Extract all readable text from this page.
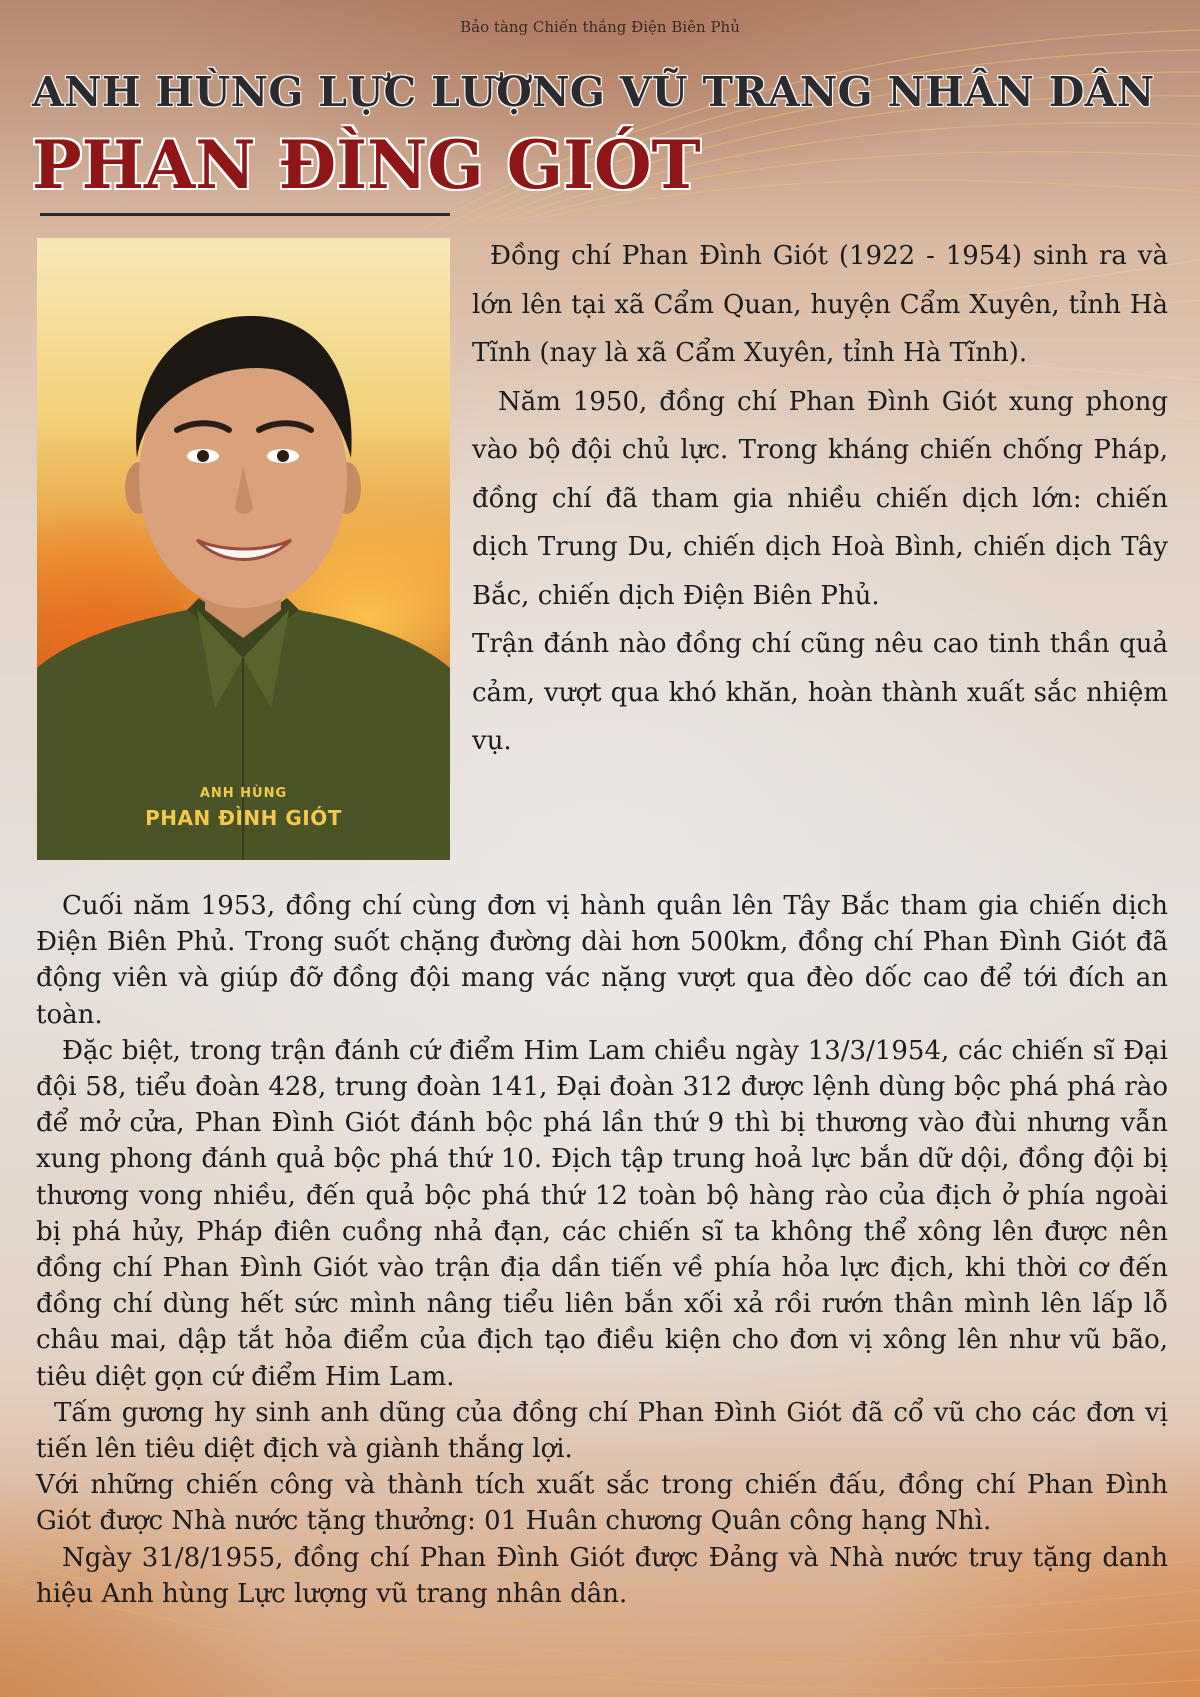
Bảo tàng Chiến thắng Điện Biên Phủ
ANH HÙNG LỰC LƯỢNG VŨ TRANG NHÂN DÂN
PHAN ĐÌNG GIÓT
ANH HÙNG
PHAN ĐÌNH GIÓT

Đồng chí Phan Đình Giót (1922 - 1954) sinh ra và lớn lên tại xã Cẩm Quan, huyện Cẩm Xuyên, tỉnh Hà Tĩnh (nay là xã Cẩm Xuyên, tỉnh Hà Tĩnh).

Năm 1950, đồng chí Phan Đình Giót xung phong vào bộ đội chủ lực. Trong kháng chiến chống Pháp, đồng chí đã tham gia nhiều chiến dịch lớn: chiến dịch Trung Du, chiến dịch Hoà Bình, chiến dịch Tây Bắc, chiến dịch Điện Biên Phủ.

Trận đánh nào đồng chí cũng nêu cao tinh thần quả cảm, vượt qua khó khăn, hoàn thành xuất sắc nhiệm vụ.

Cuối năm 1953, đồng chí cùng đơn vị hành quân lên Tây Bắc tham gia chiến dịch Điện Biên Phủ. Trong suốt chặng đường dài hơn 500km, đồng chí Phan Đình Giót đã động viên và giúp đỡ đồng đội mang vác nặng vượt qua đèo dốc cao để tới đích an toàn.

Đặc biệt, trong trận đánh cứ điểm Him Lam chiều ngày 13/3/1954, các chiến sĩ Đại đội 58, tiểu đoàn 428, trung đoàn 141, Đại đoàn 312 được lệnh dùng bộc phá phá rào để mở cửa, Phan Đình Giót đánh bộc phá lần thứ 9 thì bị thương vào đùi nhưng vẫn xung phong đánh quả bộc phá thứ 10. Địch tập trung hoả lực bắn dữ dội, đồng đội bị thương vong nhiều, đến quả bộc phá thứ 12 toàn bộ hàng rào của địch ở phía ngoài bị phá hủy, Pháp điên cuồng nhả đạn, các chiến sĩ ta không thể xông lên được nên đồng chí Phan Đình Giót vào trận địa dần tiến về phía hỏa lực địch, khi thời cơ đến đồng chí dùng hết sức mình nâng tiểu liên bắn xối xả rồi rướn thân mình lên lấp lỗ châu mai, dập tắt hỏa điểm của địch tạo điều kiện cho đơn vị xông lên như vũ bão, tiêu diệt gọn cứ điểm Him Lam.

Tấm gương hy sinh anh dũng của đồng chí Phan Đình Giót đã cổ vũ cho các đơn vị tiến lên tiêu diệt địch và giành thắng lợi.

Với những chiến công và thành tích xuất sắc trong chiến đấu, đồng chí Phan Đình Giót được Nhà nước tặng thưởng: 01 Huân chương Quân công hạng Nhì.

Ngày 31/8/1955, đồng chí Phan Đình Giót được Đảng và Nhà nước truy tặng danh hiệu Anh hùng Lực lượng vũ trang nhân dân.
